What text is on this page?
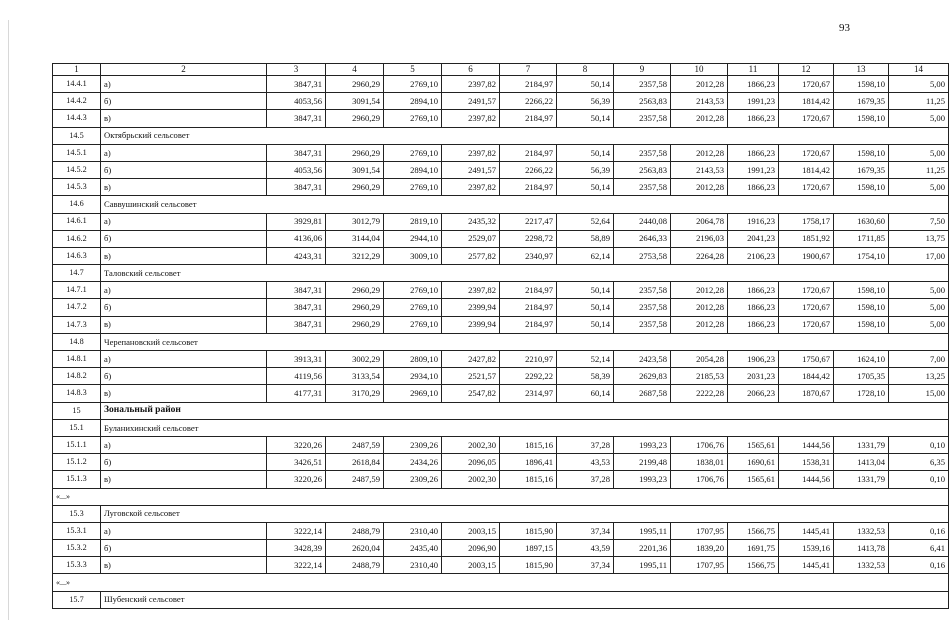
93
1	2	3	4	5	6	7	8	9	10	11	12	13	14
14.4.1	а)	3847,31	2960,29	2769,10	2397,82	2184,97	50,14	2357,58	2012,28	1866,23	1720,67	1598,10	5,00
14.4.2	б)	4053,56	3091,54	2894,10	2491,57	2266,22	56,39	2563,83	2143,53	1991,23	1814,42	1679,35	11,25
14.4.3	в)	3847,31	2960,29	2769,10	2397,82	2184,97	50,14	2357,58	2012,28	1866,23	1720,67	1598,10	5,00
14.5	Октябрьский сельсовет												
14.5.1	а)	3847,31	2960,29	2769,10	2397,82	2184,97	50,14	2357,58	2012,28	1866,23	1720,67	1598,10	5,00
14.5.2	б)	4053,56	3091,54	2894,10	2491,57	2266,22	56,39	2563,83	2143,53	1991,23	1814,42	1679,35	11,25
14.5.3	в)	3847,31	2960,29	2769,10	2397,82	2184,97	50,14	2357,58	2012,28	1866,23	1720,67	1598,10	5,00
14.6	Саввушинский сельсовет												
14.6.1	а)	3929,81	3012,79	2819,10	2435,32	2217,47	52,64	2440,08	2064,78	1916,23	1758,17	1630,60	7,50
14.6.2	б)	4136,06	3144,04	2944,10	2529,07	2298,72	58,89	2646,33	2196,03	2041,23	1851,92	1711,85	13,75
14.6.3	в)	4243,31	3212,29	3009,10	2577,82	2340,97	62,14	2753,58	2264,28	2106,23	1900,67	1754,10	17,00
14.7	Таловский сельсовет												
14.7.1	а)	3847,31	2960,29	2769,10	2397,82	2184,97	50,14	2357,58	2012,28	1866,23	1720,67	1598,10	5,00
14.7.2	б)	3847,31	2960,29	2769,10	2399,94	2184,97	50,14	2357,58	2012,28	1866,23	1720,67	1598,10	5,00
14.7.3	в)	3847,31	2960,29	2769,10	2399,94	2184,97	50,14	2357,58	2012,28	1866,23	1720,67	1598,10	5,00
14.8	Черепановский сельсовет												
14.8.1	а)	3913,31	3002,29	2809,10	2427,82	2210,97	52,14	2423,58	2054,28	1906,23	1750,67	1624,10	7,00
14.8.2	б)	4119,56	3133,54	2934,10	2521,57	2292,22	58,39	2629,83	2185,53	2031,23	1844,42	1705,35	13,25
14.8.3	в)	4177,31	3170,29	2969,10	2547,82	2314,97	60,14	2687,58	2222,28	2066,23	1870,67	1728,10	15,00
15	Зональный район												
15.1	Буланихинский сельсовет												
15.1.1	а)	3220,26	2487,59	2309,26	2002,30	1815,16	37,28	1993,23	1706,76	1565,61	1444,56	1331,79	0,10
15.1.2	б)	3426,51	2618,84	2434,26	2096,05	1896,41	43,53	2199,48	1838,01	1690,61	1538,31	1413,04	6,35
15.1.3	в)	3220,26	2487,59	2309,26	2002,30	1815,16	37,28	1993,23	1706,76	1565,61	1444,56	1331,79	0,10
«...»													
15.3	Луговской сельсовет												
15.3.1	а)	3222,14	2488,79	2310,40	2003,15	1815,90	37,34	1995,11	1707,95	1566,75	1445,41	1332,53	0,16
15.3.2	б)	3428,39	2620,04	2435,40	2096,90	1897,15	43,59	2201,36	1839,20	1691,75	1539,16	1413,78	6,41
15.3.3	в)	3222,14	2488,79	2310,40	2003,15	1815,90	37,34	1995,11	1707,95	1566,75	1445,41	1332,53	0,16
«...»													
15.7	Шубенский сельсовет												
